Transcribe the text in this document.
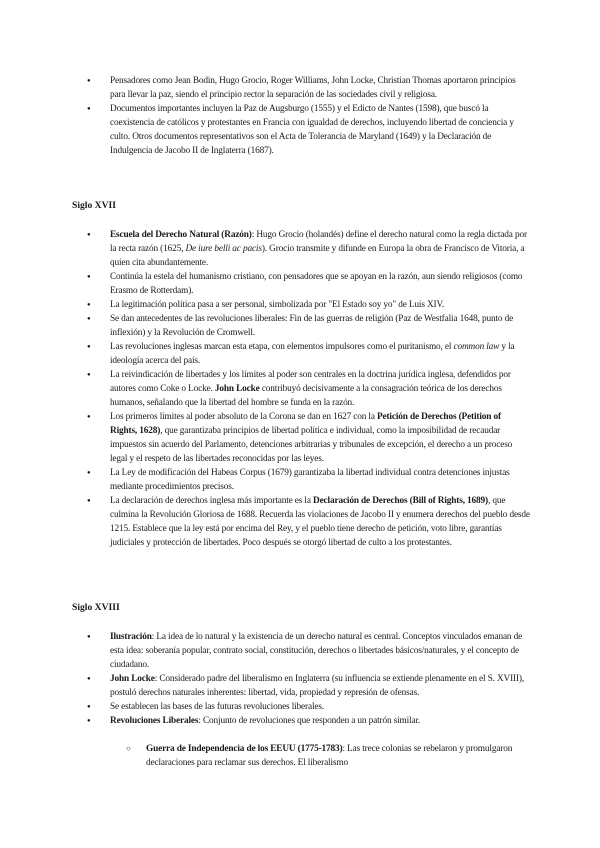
● Pensadores como Jean Bodin, Hugo Grocio, Roger Williams, John Locke, Christian Thomas aportaron principios para llevar la paz, siendo el principio rector la separación de las sociedades civil y religiosa.
● Documentos importantes incluyen la Paz de Augsburgo (1555) y el Edicto de Nantes (1598), que buscó la coexistencia de católicos y protestantes en Francia con igualdad de derechos, incluyendo libertad de conciencia y culto. Otros documentos representativos son el Acta de Tolerancia de Maryland (1649) y la Declaración de Indulgencia de Jacobo II de Inglaterra (1687).
Siglo XVII
● Escuela del Derecho Natural (Razón): Hugo Grocio (holandés) define el derecho natural como la regla dictada por la recta razón (1625, De iure belli ac pacis). Grocio transmite y difunde en Europa la obra de Francisco de Vitoria, a quien cita abundantemente.
● Continúa la estela del humanismo cristiano, con pensadores que se apoyan en la razón, aun siendo religiosos (como Erasmo de Rotterdam).
● La legitimación política pasa a ser personal, simbolizada por "El Estado soy yo" de Luis XIV.
● Se dan antecedentes de las revoluciones liberales: Fin de las guerras de religión (Paz de Westfalia 1648, punto de inflexión) y la Revolución de Cromwell.
● Las revoluciones inglesas marcan esta etapa, con elementos impulsores como el puritanismo, el common law y la ideología acerca del país.
● La reivindicación de libertades y los límites al poder son centrales en la doctrina jurídica inglesa, defendidos por autores como Coke o Locke. John Locke contribuyó decisivamente a la consagración teórica de los derechos humanos, señalando que la libertad del hombre se funda en la razón.
● Los primeros límites al poder absoluto de la Corona se dan en 1627 con la Petición de Derechos (Petition of Rights, 1628), que garantizaba principios de libertad política e individual, como la imposibilidad de recaudar impuestos sin acuerdo del Parlamento, detenciones arbitrarias y tribunales de excepción, el derecho a un proceso legal y el respeto de las libertades reconocidas por las leyes.
● La Ley de modificación del Habeas Corpus (1679) garantizaba la libertad individual contra detenciones injustas mediante procedimientos precisos.
● La declaración de derechos inglesa más importante es la Declaración de Derechos (Bill of Rights, 1689), que culmina la Revolución Gloriosa de 1688. Recuerda las violaciones de Jacobo II y enumera derechos del pueblo desde 1215. Establece que la ley está por encima del Rey, y el pueblo tiene derecho de petición, voto libre, garantías judiciales y protección de libertades. Poco después se otorgó libertad de culto a los protestantes.
Siglo XVIII
● Ilustración: La idea de lo natural y la existencia de un derecho natural es central. Conceptos vinculados emanan de esta idea: soberanía popular, contrato social, constitución, derechos o libertades básicos/naturales, y el concepto de ciudadano.
● John Locke: Considerado padre del liberalismo en Inglaterra (su influencia se extiende plenamente en el S. XVIII), postuló derechos naturales inherentes: libertad, vida, propiedad y represión de ofensas.
● Se establecen las bases de las futuras revoluciones liberales.
● Revoluciones Liberales: Conjunto de revoluciones que responden a un patrón similar.
○ Guerra de Independencia de los EEUU (1775-1783): Las trece colonias se rebelaron y promulgaron declaraciones para reclamar sus derechos. El liberalismo
